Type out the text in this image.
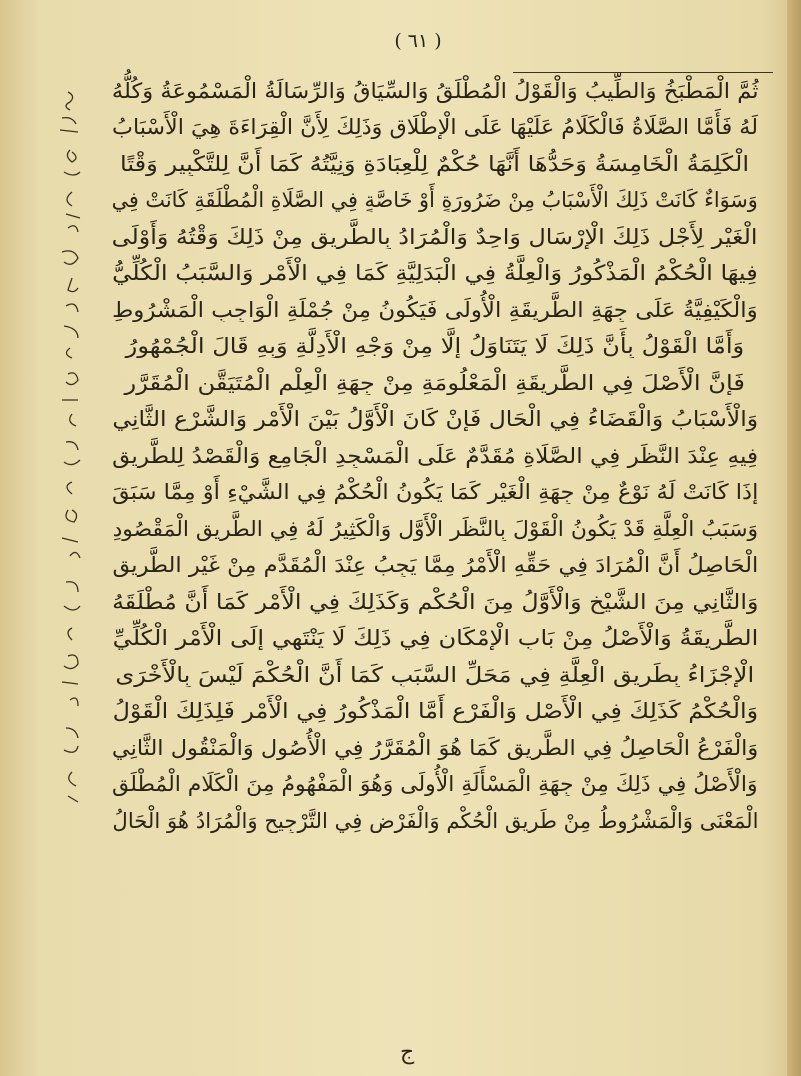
( ٦١ )
ثُمَّ الْمَطْبَخُ وَالطِّيبُ وَالْقَوْلُ الْمُطْلَقُ وَالسِّيَاقُ وَالرِّسَالَةُ الْمَسْمُوعَةُ وَكُلُّهُ
لَهُ فَأَمَّا الصَّلَاةُ فَالْكَلَامُ عَلَيْهَا عَلَى الْإِطْلَاقِ وَذَلِكَ لِأَنَّ الْقِرَاءَةَ هِيَ الْأَسْبَابُ
الْكَلِمَةُ الْخَامِسَةُ وَحَدُّهَا أَنَّهَا حُكْمٌ لِلْعِبَادَةِ وَنِيَّتُهُ كَمَا أَنَّ لِلتَّكْبِيرِ وَقْتًا
وَسَوَاءٌ كَانَتْ ذَلِكَ الْأَسْبَابُ مِنْ ضَرُورَةٍ أَوْ خَاصَّةٍ فِي الصَّلَاةِ الْمُطْلَقَةِ كَانَتْ فِي
الْغَيْرِ لِأَجْلِ ذَلِكَ الْإِرْسَالِ وَاحِدٌ وَالْمُرَادُ بِالطَّرِيقِ مِنْ ذَلِكَ وَقْتُهُ وَأَوْلَى
فِيهَا الْحُكْمُ الْمَذْكُورُ وَالْعِلَّةُ فِي الْبَدَلِيَّةِ كَمَا فِي الْأَمْرِ وَالسَّبَبُ الْكُلِّيُّ
وَالْكَيْفِيَّةُ عَلَى جِهَةِ الطَّرِيقَةِ الْأُولَى فَيَكُونُ مِنْ جُمْلَةِ الْوَاجِبِ الْمَشْرُوطِ
وَأَمَّا الْقَوْلُ بِأَنَّ ذَلِكَ لَا يَتَنَاوَلُ إِلَّا مِنْ وَجْهِ الْأَدِلَّةِ وَبِهِ قَالَ الْجُمْهُورُ
فَإِنَّ الْأَصْلَ فِي الطَّرِيقَةِ الْمَعْلُومَةِ مِنْ جِهَةِ الْعِلْمِ الْمُتَيَقَّنِ الْمُقَرَّرِ
وَالْأَسْبَابُ وَالْقَضَاءُ فِي الْحَالِ فَإِنْ كَانَ الْأَوَّلُ بَيْنَ الْأَمْرِ وَالشَّرْعِ الثَّانِي
فِيهِ عِنْدَ النَّظَرِ فِي الصَّلَاةِ مُقَدَّمٌ عَلَى الْمَسْجِدِ الْجَامِعِ وَالْقَصْدُ لِلطَّرِيقِ
إِذَا كَانَتْ لَهُ نَوْعٌ مِنْ جِهَةِ الْغَيْرِ كَمَا يَكُونُ الْحُكْمُ فِي الشَّيْءِ أَوْ مِمَّا سَبَقَ
وَسَبَبُ الْعِلَّةِ قَدْ يَكُونُ الْقَوْلَ بِالنَّظَرِ الْأَوَّلِ وَالْكَثِيرُ لَهُ فِي الطَّرِيقِ الْمَقْصُودِ
الْحَاصِلُ أَنَّ الْمُرَادَ فِي حَقِّهِ الْأَمْرُ مِمَّا يَجِبُ عِنْدَ الْمُقَدَّمِ مِنْ غَيْرِ الطَّرِيقِ
وَالثَّانِي مِنَ الشَّيْخِ وَالْأَوَّلُ مِنَ الْحُكْمِ وَكَذَلِكَ فِي الْأَمْرِ كَمَا أَنَّ مُطْلَقَهُ
الطَّرِيقَةُ وَالْأَصْلُ مِنْ بَابِ الْإِمْكَانِ فِي ذَلِكَ لَا يَنْتَهِي إِلَى الْأَمْرِ الْكُلِّيِّ
الْإِجْزَاءُ بِطَرِيقِ الْعِلَّةِ فِي مَحَلِّ السَّبَبِ كَمَا أَنَّ الْحُكْمَ لَيْسَ بِالْأَخْرَى
وَالْحُكْمُ كَذَلِكَ فِي الْأَصْلِ وَالْفَرْعِ أَمَّا الْمَذْكُورُ فِي الْأَمْرِ فَلِذَلِكَ الْقَوْلُ
وَالْفَرْعُ الْحَاصِلُ فِي الطَّرِيقِ كَمَا هُوَ الْمُقَرَّرُ فِي الْأُصُولِ وَالْمَنْقُولِ الثَّانِي
وَالْأَصْلُ فِي ذَلِكَ مِنْ جِهَةِ الْمَسْأَلَةِ الْأُولَى وَهُوَ الْمَفْهُومُ مِنَ الْكَلَامِ الْمُطْلَقِ
الْمَعْنَى وَالْمَشْرُوطُ مِنْ طَرِيقِ الْحُكْمِ وَالْفَرْضِ فِي التَّرْجِيحِ وَالْمُرَادُ هُوَ الْحَالُ
ج
